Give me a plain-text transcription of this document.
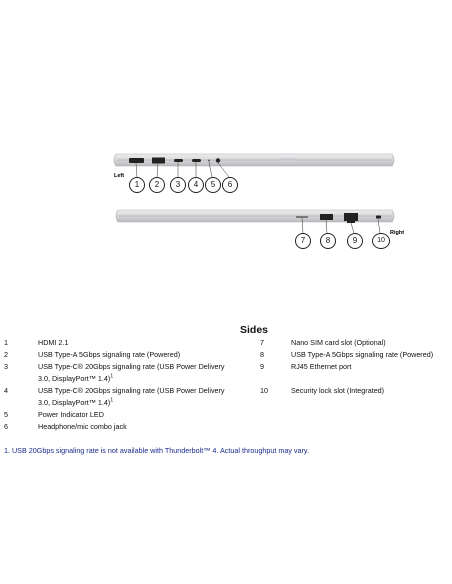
Left
Right
1	2	3	4	5	6
7	8	9	10
Sides
1	HDMI 2.1
2	USB Type-A 5Gbps signaling rate (Powered)
3	USB Type-C® 20Gbps signaling rate (USB Power Delivery
3.0, DisplayPort™ 1.4)$^1$
4	USB Type-C® 20Gbps signaling rate (USB Power Delivery
3.0, DisplayPort™ 1.4)$^1$
5	Power Indicator LED
6	Headphone/mic combo jack
7	Nano SIM card slot (Optional)
8	USB Type-A 5Gbps signaling rate (Powered)
9	RJ45 Ethernet port
10	Security lock slot (Integrated)
1. USB 20Gbps signaling rate is not available with Thunderbolt™ 4. Actual throughput may vary.
